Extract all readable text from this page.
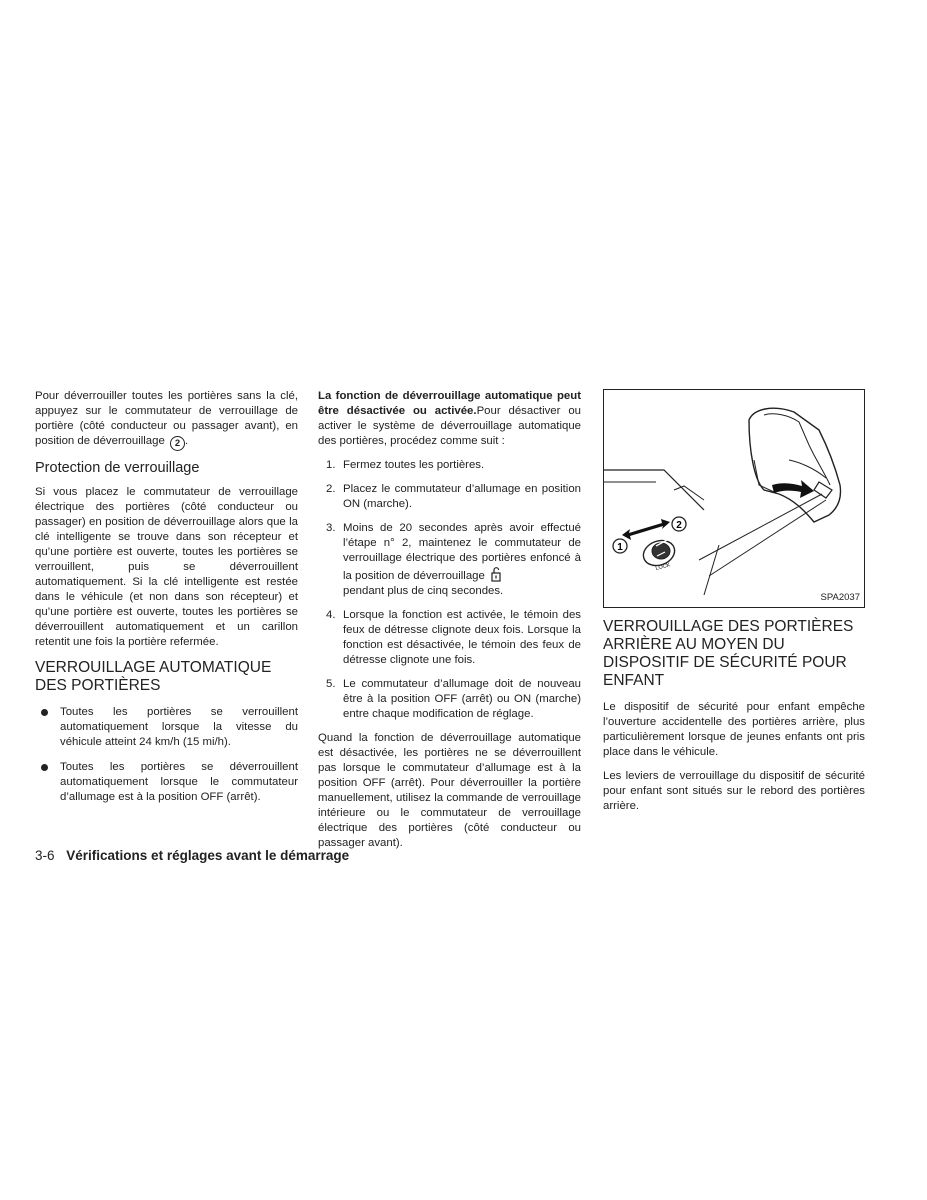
Pour déverrouiller toutes les portières sans la clé, appuyez sur le commutateur de verrouillage de portière (côté conducteur ou passager avant), en position de déverrouillage 2 .

Protection de verrouillage

Si vous placez le commutateur de verrouillage électrique des portières (côté conducteur ou passager) en position de déverrouillage alors que la clé intelligente se trouve dans son récepteur et qu’une portière est ouverte, toutes les portières se verrouillent, puis se déverrouillent automatiquement. Si la clé intelligente est restée dans le véhicule (et non dans son récepteur) et qu’une portière est ouverte, toutes les portières se déverrouillent automatiquement et un carillon retentit une fois la portière refermée.

VERROUILLAGE AUTOMATIQUE DES PORTIÈRES
Toutes les portières se verrouillent automatiquement lorsque la vitesse du véhicule atteint 24 km/h (15 mi/h).
Toutes les portières se déverrouillent automatiquement lorsque le commutateur d’allumage est à la position OFF (arrêt).

La fonction de déverrouillage automatique peut être désactivée ou activée.Pour désactiver ou activer le système de déverrouillage automatique des portières, procédez comme suit :

1. Fermez toutes les portières.
2. Placez le commutateur d’allumage en position ON (marche).
3. Moins de 20 secondes après avoir effectué l’étape n° 2, maintenez le commutateur de verrouillage électrique des portières enfoncé à la position de déverrouillage
pendant plus de cinq secondes.
4. Lorsque la fonction est activée, le témoin des feux de détresse clignote deux fois. Lorsque la fonction est désactivée, le témoin des feux de détresse clignote une fois.
5. Le commutateur d’allumage doit de nouveau être à la position OFF (arrêt) ou ON (marche) entre chaque modification de réglage.

Quand la fonction de déverrouillage automatique est désactivée, les portières ne se déverrouillent pas lorsque le commutateur d’allumage est à la position OFF (arrêt). Pour déverrouiller la portière manuellement, utilisez la commande de verrouillage intérieure ou le commutateur de verrouillage électrique des portières (côté conducteur ou passager avant).

1
2
LOCK
SPA2037
VERROUILLAGE DES PORTIÈRES ARRIÈRE AU MOYEN DU DISPOSITIF DE SÉCURITÉ POUR ENFANT

Le dispositif de sécurité pour enfant empêche l’ouverture accidentelle des portières arrière, plus particulièrement lorsque de jeunes enfants ont pris place dans le véhicule.

Les leviers de verrouillage du dispositif de sécurité pour enfant sont situés sur le rebord des portières arrière.

3-6 Vérifications et réglages avant le démarrage
